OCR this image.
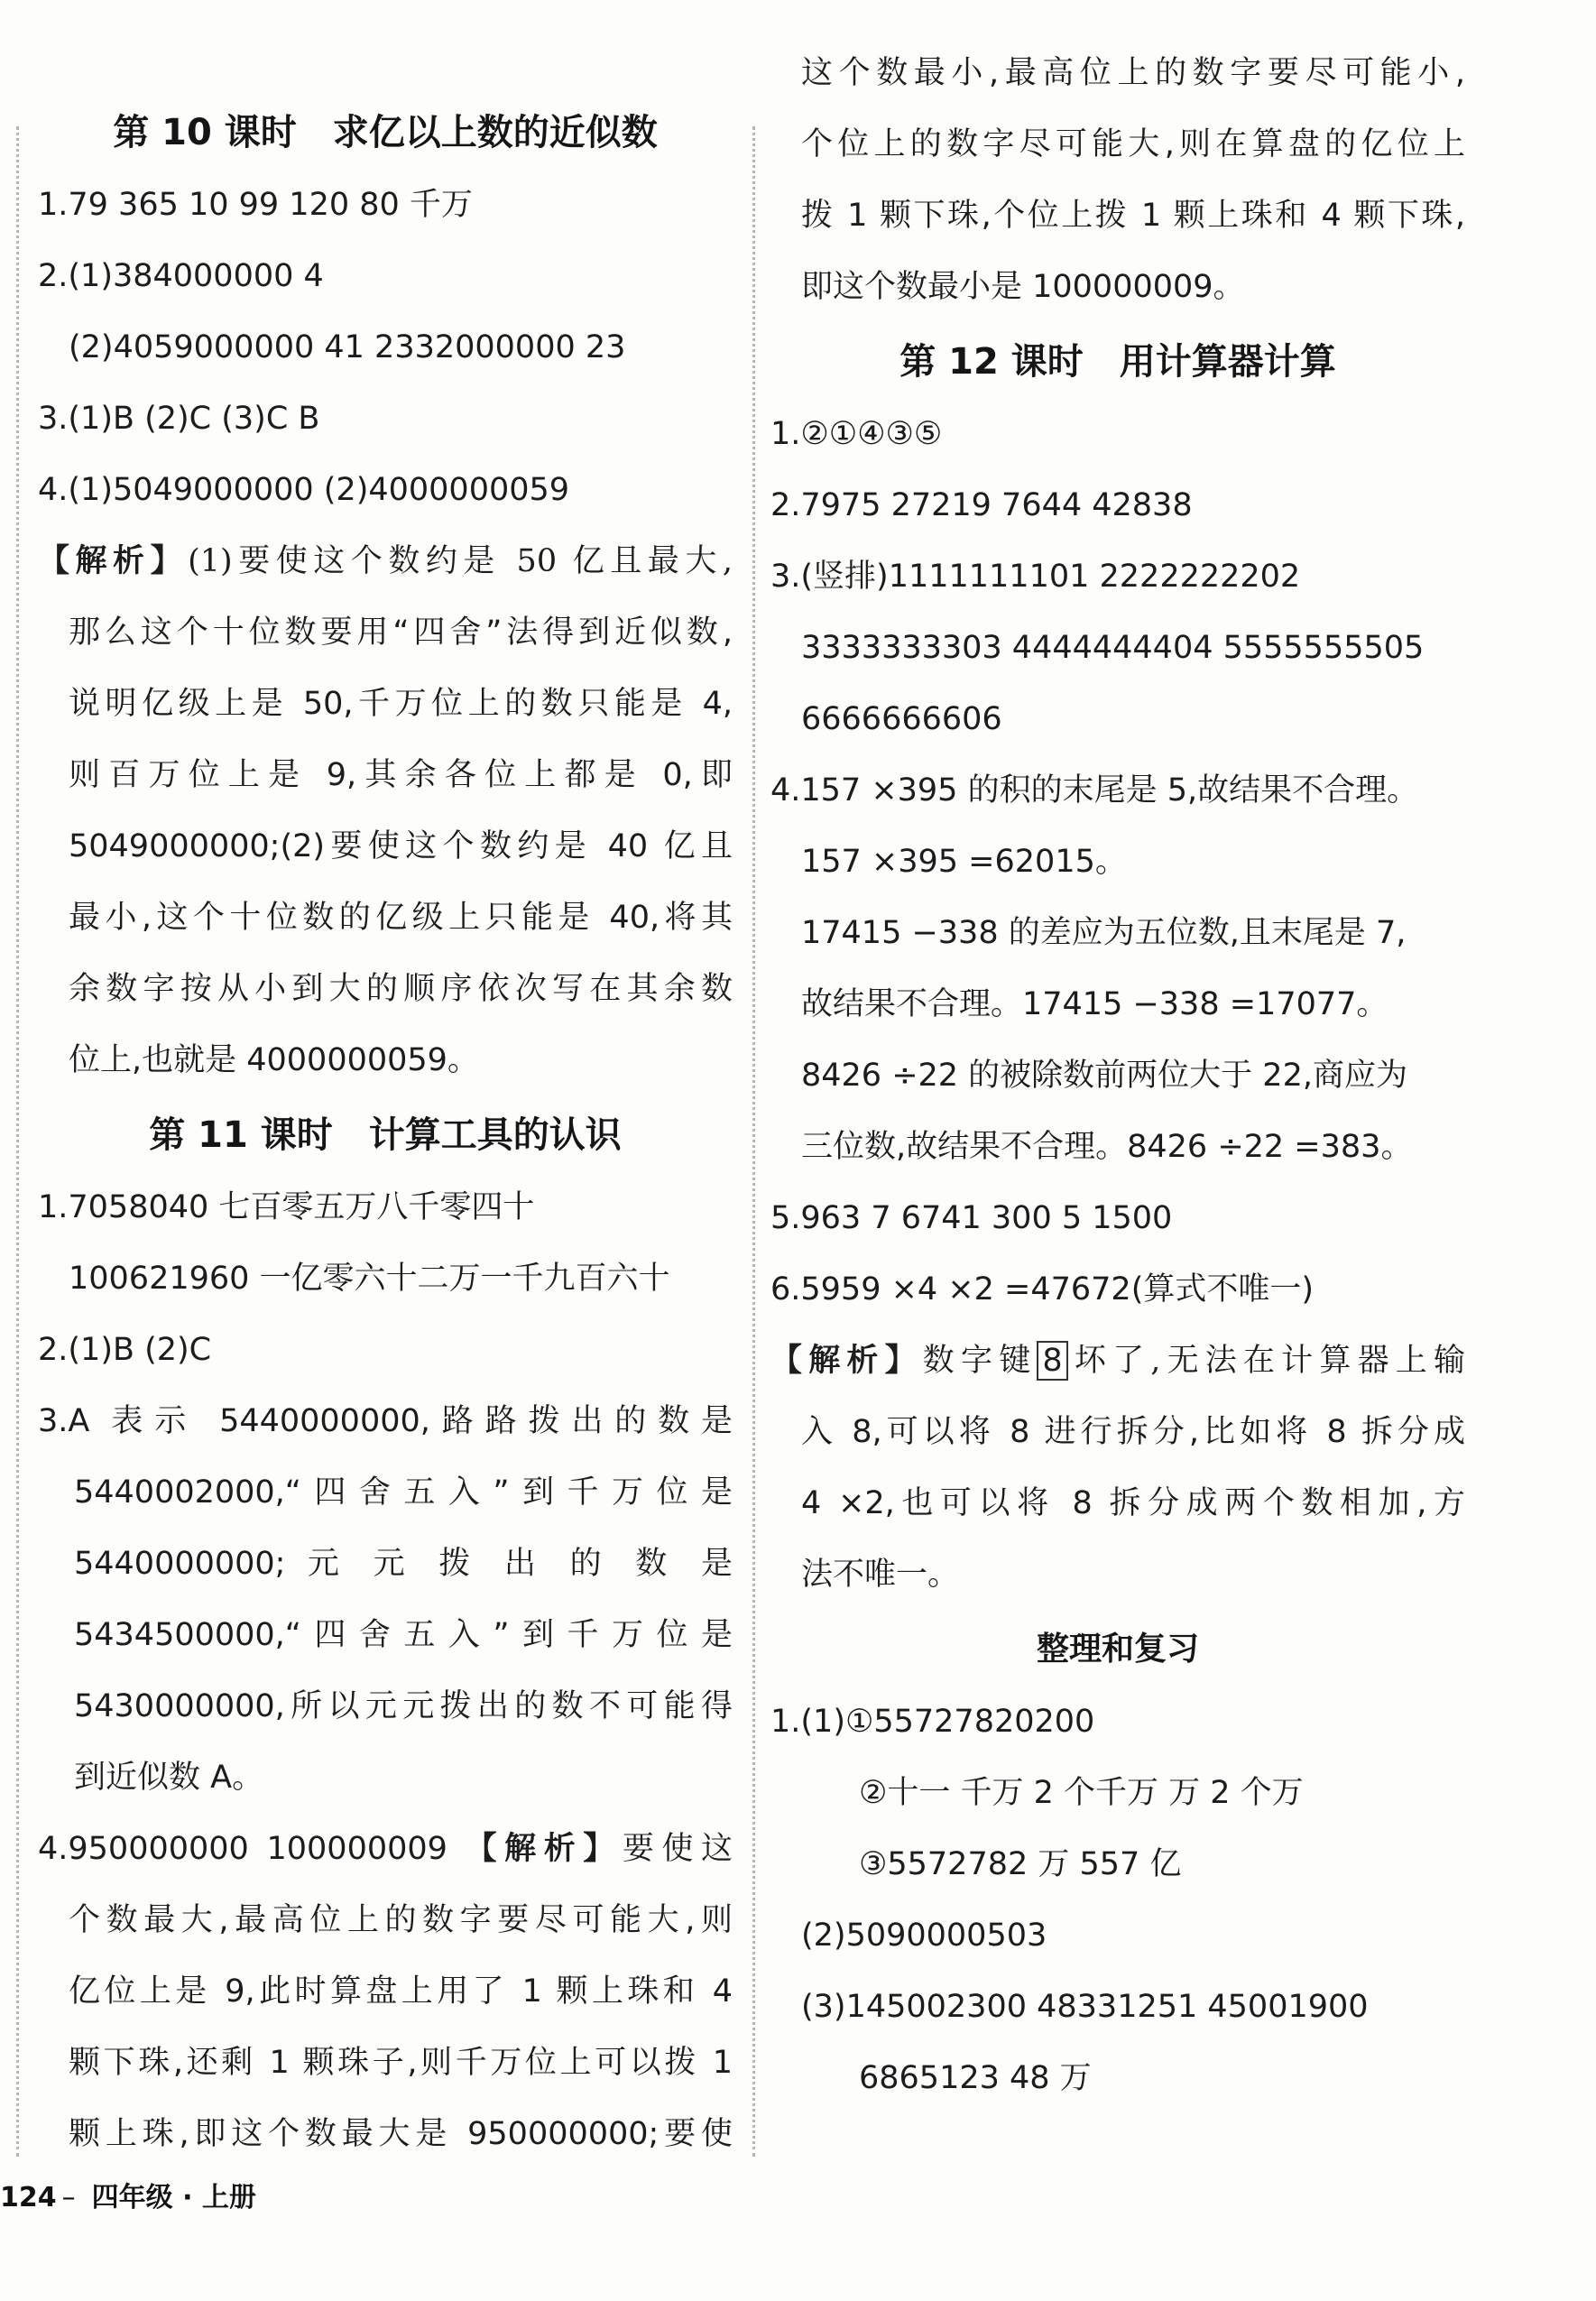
第 10 课时 求亿以上数的近似数
1.79 365 10 99 120 80 千万
2.(1)384000000 4
(2)4059000000 41 2332000000 23
3.(1)B (2)C (3)C B
4.(1)5049000000 (2)4000000059
【解析】(1)要使这个数约是 50 亿且最大,
那么这个十位数要用“四舍”法得到近似数,
说明亿级上是 50,千万位上的数只能是 4,
则百万位上是 9,其余各位上都是 0,即
5049000000;(2)要使这个数约是 40 亿且
最小,这个十位数的亿级上只能是 40,将其
余数字按从小到大的顺序依次写在其余数
位上,也就是 4000000059。
第 11 课时 计算工具的认识
1.7058040 七百零五万八千零四十
100621960 一亿零六十二万一千九百六十
2.(1)B (2)C
3.A 表示 5440000000,路路拨出的数是
5440002000,“四舍五入”到千万位是
5440000000; 元 元 拨 出 的 数 是
5434500000,“四舍五入”到千万位是
5430000000,所以元元拨出的数不可能得
到近似数 A。
4.950000000 100000009 【解析】要使这
个数最大,最高位上的数字要尽可能大,则
亿位上是 9,此时算盘上用了 1 颗上珠和 4
颗下珠,还剩 1 颗珠子,则千万位上可以拨 1
颗上珠,即这个数最大是 950000000;要使
这个数最小,最高位上的数字要尽可能小,
个位上的数字尽可能大,则在算盘的亿位上
拨 1 颗下珠,个位上拨 1 颗上珠和 4 颗下珠,
即这个数最小是 100000009。
第 12 课时 用计算器计算
1.②①④③⑤
2.7975 27219 7644 42838
3.(竖排)1111111101 2222222202
3333333303 4444444404 5555555505
6666666606
4.157 ×395 的积的末尾是 5,故结果不合理。
157 ×395 =62015。
17415 −338 的差应为五位数,且末尾是 7,
故结果不合理。17415 −338 =17077。
8426 ÷22 的被除数前两位大于 22,商应为
三位数,故结果不合理。8426 ÷22 =383。
5.963 7 6741 300 5 1500
6.5959 ×4 ×2 =47672(算式不唯一)
【解析】数字键 8 坏了,无法在计算器上输
入 8,可以将 8 进行拆分,比如将 8 拆分成
4 ×2,也可以将 8 拆分成两个数相加,方
法不唯一。
整理和复习
1.(1)①55727820200
②十一 千万 2 个千万 万 2 个万
③5572782 万 557 亿
(2)5090000503
(3)145002300 48331251 45001900
6865123 48 万
124 – 四年级 · 上册
